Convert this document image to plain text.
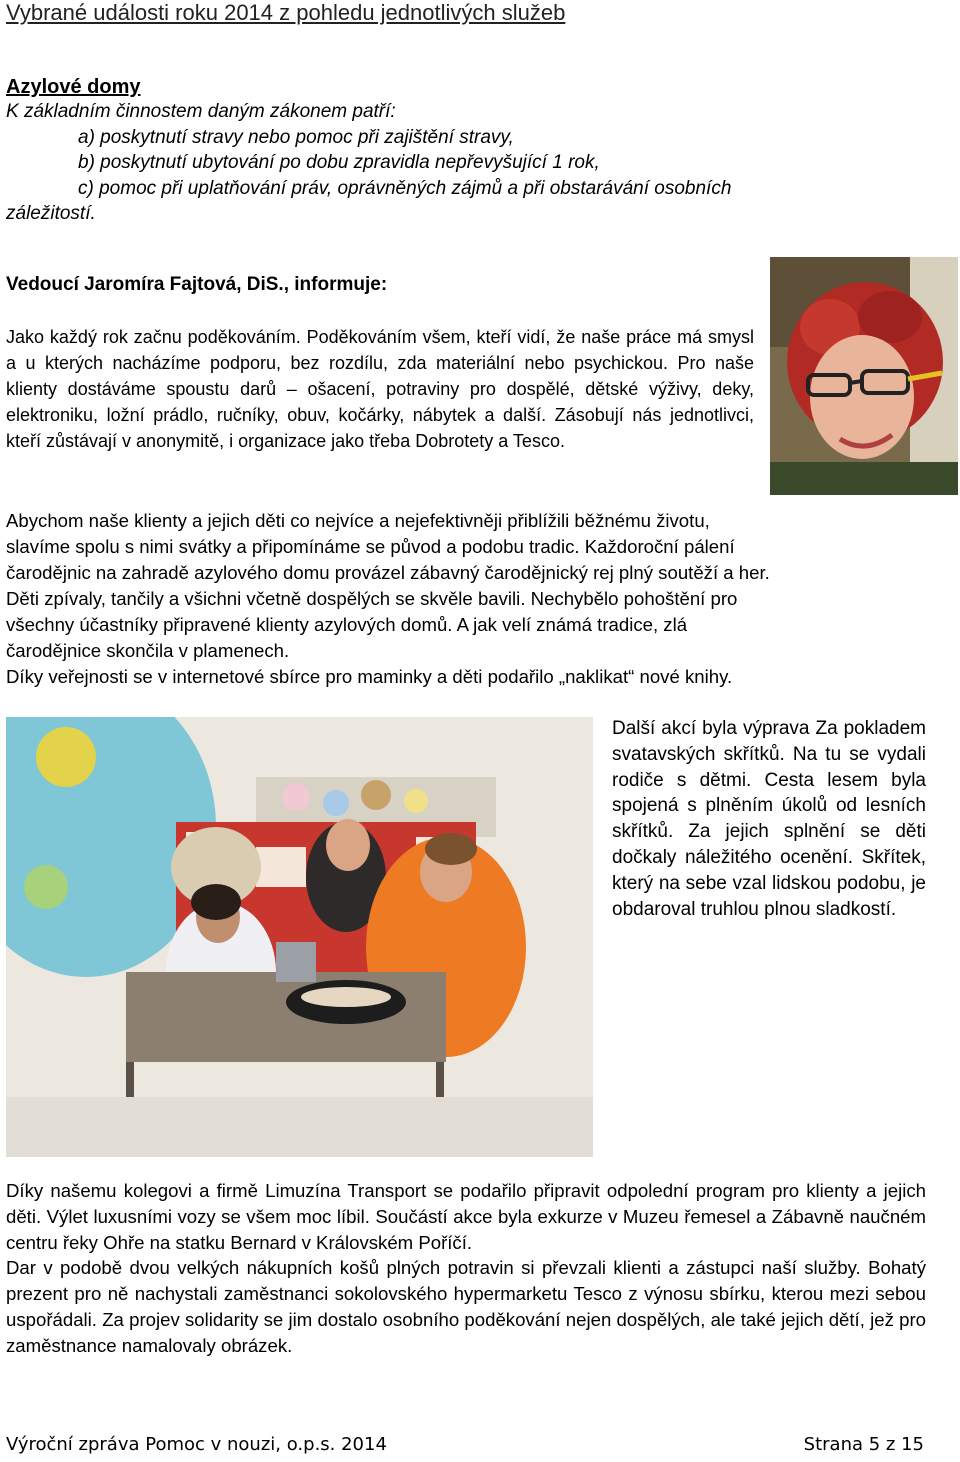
Vybrané události roku 2014 z pohledu jednotlivých služeb
Azylové domy
K základním činnostem daným zákonem patří:
a) poskytnutí stravy nebo pomoc při zajištění stravy,
b) poskytnutí ubytování po dobu zpravidla nepřevyšující 1 rok,
c) pomoc při uplatňování práv, oprávněných zájmů a při obstarávání osobních
záležitostí.
Vedoucí Jaromíra Fajtová, DiS., informuje:

Jako každý rok začnu poděkováním. Poděkováním všem, kteří vidí, že naše práce má smysl a u kterých nacházíme podporu, bez rozdílu, zda materiální nebo psychickou. Pro naše klienty dostáváme spoustu darů – ošacení, potraviny pro dospělé, dětské výživy, deky, elektroniku, ložní prádlo, ručníky, obuv, kočárky, nábytek a další. Zásobují nás jednotlivci, kteří zůstávají v anonymitě, i organizace jako třeba Dobrotety a Tesco.

Abychom naše klienty a jejich děti co nejvíce a nejefektivněji přiblížili běžnému životu,
slavíme spolu s nimi svátky a připomínáme se původ a podobu tradic. Každoroční pálení
čarodějnic na zahradě azylového domu provázel zábavný čarodějnický rej plný soutěží a her.
Děti zpívaly, tančily a všichni včetně dospělých se skvěle bavili. Nechybělo pohoštění pro
všechny účastníky připravené klienty azylových domů. A jak velí známá tradice, zlá
čarodějnice skončila v plamenech.
Díky veřejnosti se v internetové sbírce pro maminky a děti podařilo „naklikat“ nové knihy.

Další akcí byla výprava Za pokladem svatavských skřítků. Na tu se vydali rodiče s dětmi. Cesta lesem byla spojená s plněním úkolů od lesních skřítků. Za jejich splnění se děti dočkaly náležitého ocenění. Skřítek, který na sebe vzal lidskou podobu, je obdaroval truhlou plnou sladkostí.

Díky našemu kolegovi a firmě Limuzína Transport se podařilo připravit odpolední program pro klienty a jejich děti. Výlet luxusními vozy se všem moc líbil. Součástí akce byla exkurze v Muzeu řemesel a Zábavně naučném centru řeky Ohře na statku Bernard v Královském Poříčí.

Dar v podobě dvou velkých nákupních košů plných potravin si převzali klienti a zástupci naší služby. Bohatý prezent pro ně nachystali zaměstnanci sokolovského hypermarketu Tesco z výnosu sbírku, kterou mezi sebou uspořádali. Za projev solidarity se jim dostalo osobního poděkování nejen dospělých, ale také jejich dětí, jež pro zaměstnance namalovaly obrázek.

Výroční zpráva Pomoc v nouzi, o.p.s. 2014	Strana 5 z 15
